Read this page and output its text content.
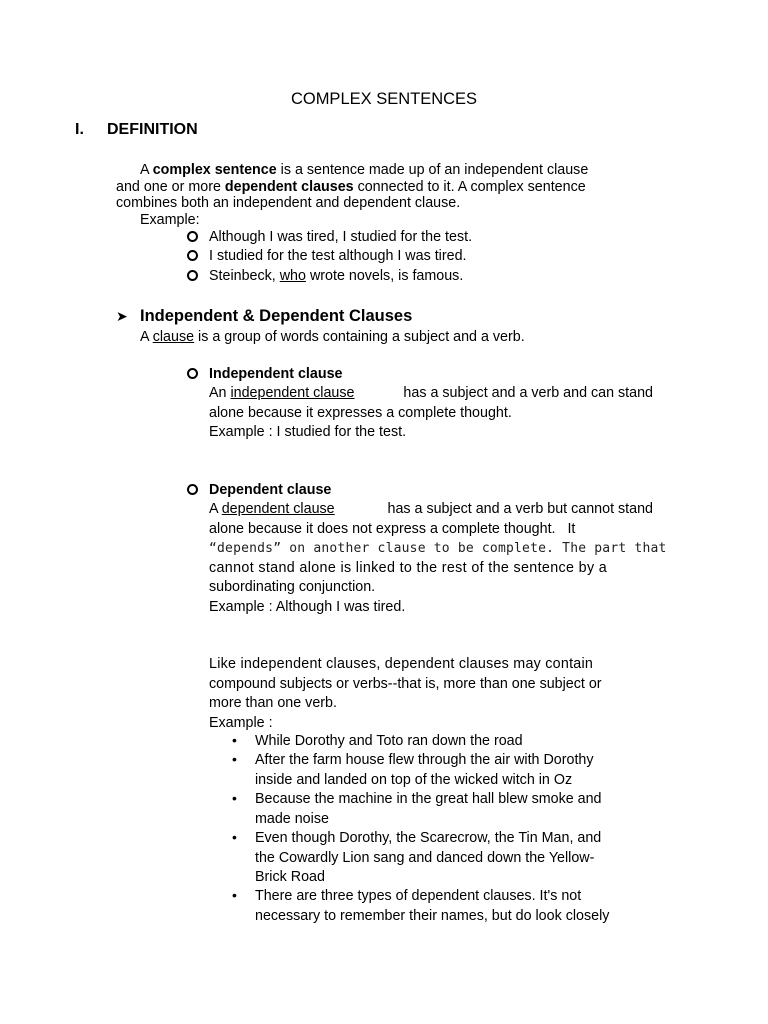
COMPLEX SENTENCES
I. DEFINITION
A complex sentence is a sentence made up of an independent clause
and one or more dependent clauses connected to it. A complex sentence
combines both an independent and dependent clause.
Example:
Although I was tired, I studied for the test.
I studied for the test although I was tired.
Steinbeck, who wrote novels, is famous.
➤ Independent & Dependent Clauses
A clause is a group of words containing a subject and a verb.
Independent clause
An independent clause	has a subject and a verb and can stand
alone because it expresses a complete thought.
Example : I studied for the test.
Dependent clause
A dependent clause	has a subject and a verb but cannot stand
alone because it does not express a complete thought.   It
“depends” on another clause to be complete. The part that
cannot stand alone is linked to the rest of the sentence by a
subordinating conjunction.
Example : Although I was tired.
Like independent clauses, dependent clauses may contain
compound subjects or verbs--that is, more than one subject or
more than one verb.
Example :
• While Dorothy and Toto ran down the road
• After the farm house flew through the air with Dorothy
inside and landed on top of the wicked witch in Oz
• Because the machine in the great hall blew smoke and
made noise
• Even though Dorothy, the Scarecrow, the Tin Man, and
the Cowardly Lion sang and danced down the Yellow-
Brick Road
• There are three types of dependent clauses. It's not
necessary to remember their names, but do look closely
